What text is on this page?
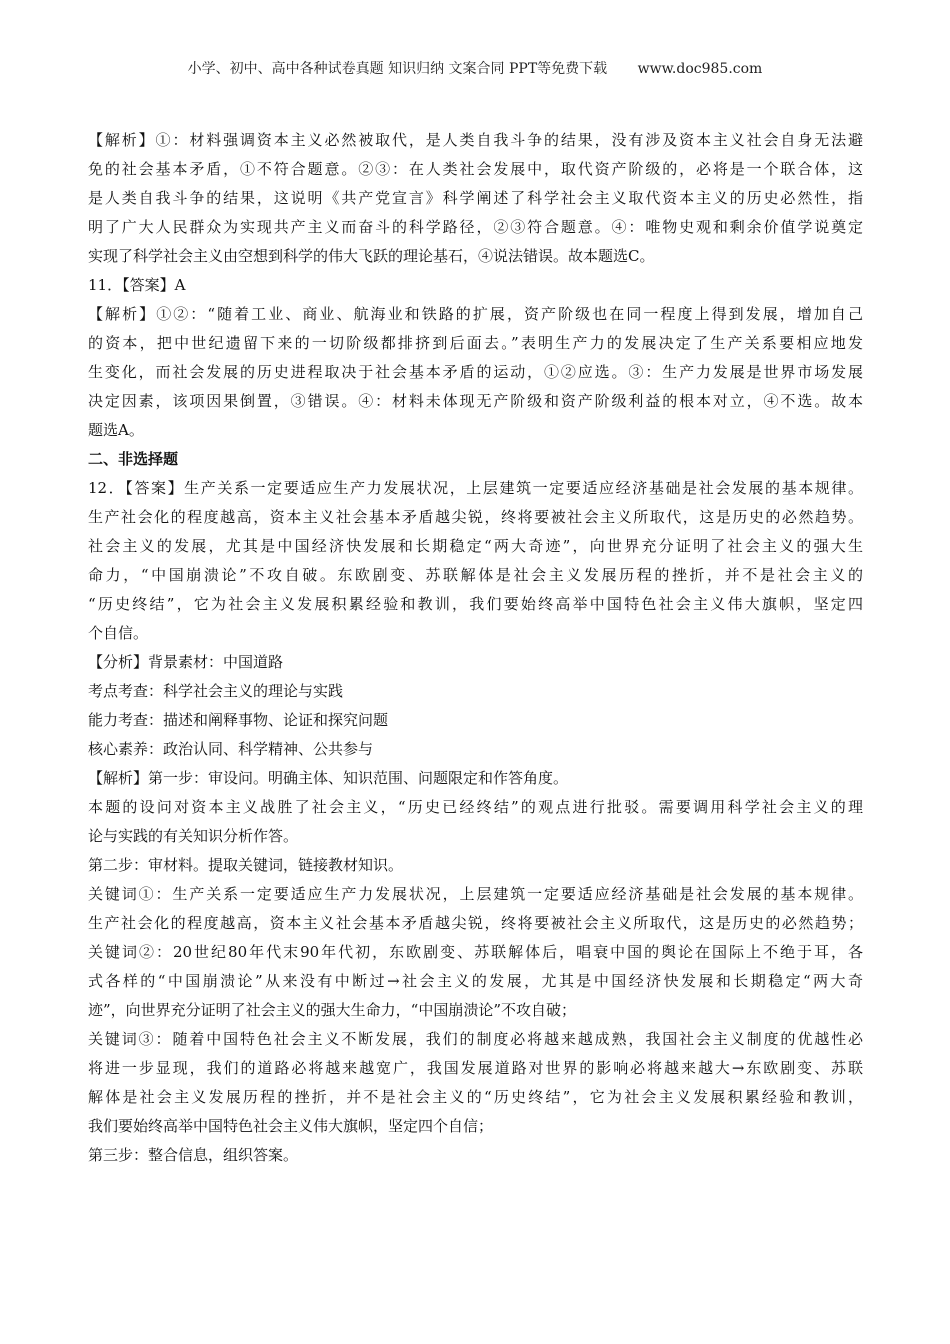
小学、初中、高中各种试卷真题 知识归纳 文案合同 PPT等免费下载 www.doc985.com
【解析】①：材料强调资本主义必然被取代，是人类自我斗争的结果，没有涉及资本主义社会自身无法避
免的社会基本矛盾，①不符合题意。②③：在人类社会发展中，取代资产阶级的，必将是一个联合体，这
是人类自我斗争的结果，这说明《共产党宣言》科学阐述了科学社会主义取代资本主义的历史必然性，指
明了广大人民群众为实现共产主义而奋斗的科学路径，②③符合题意。④：唯物史观和剩余价值学说奠定
实现了科学社会主义由空想到科学的伟大飞跃的理论基石，④说法错误。故本题选C。
11．【答案】A
【解析】①②：“随着工业、商业、航海业和铁路的扩展，资产阶级也在同一程度上得到发展，增加自己
的资本，把中世纪遗留下来的一切阶级都排挤到后面去。”表明生产力的发展决定了生产关系要相应地发
生变化，而社会发展的历史进程取决于社会基本矛盾的运动，①②应选。③：生产力发展是世界市场发展
决定因素，该项因果倒置，③错误。④：材料未体现无产阶级和资产阶级利益的根本对立，④不选。故本
题选A。
二、非选择题
12．【答案】生产关系一定要适应生产力发展状况，上层建筑一定要适应经济基础是社会发展的基本规律。
生产社会化的程度越高，资本主义社会基本矛盾越尖锐，终将要被社会主义所取代，这是历史的必然趋势。
社会主义的发展，尤其是中国经济快发展和长期稳定“两大奇迹”，向世界充分证明了社会主义的强大生
命力，“中国崩溃论”不攻自破。东欧剧变、苏联解体是社会主义发展历程的挫折，并不是社会主义的
“历史终结”，它为社会主义发展积累经验和教训，我们要始终高举中国特色社会主义伟大旗帜，坚定四
个自信。
【分析】背景素材：中国道路
考点考查：科学社会主义的理论与实践
能力考查：描述和阐释事物、论证和探究问题
核心素养：政治认同、科学精神、公共参与
【解析】第一步：审设问。明确主体、知识范围、问题限定和作答角度。
本题的设问对资本主义战胜了社会主义，“历史已经终结”的观点进行批驳。需要调用科学社会主义的理
论与实践的有关知识分析作答。
第二步：审材料。提取关键词，链接教材知识。
关键词①：生产关系一定要适应生产力发展状况，上层建筑一定要适应经济基础是社会发展的基本规律。
生产社会化的程度越高，资本主义社会基本矛盾越尖锐，终将要被社会主义所取代，这是历史的必然趋势；
关键词②：20世纪80年代末90年代初，东欧剧变、苏联解体后，唱衰中国的舆论在国际上不绝于耳，各
式各样的“中国崩溃论”从来没有中断过→社会主义的发展，尤其是中国经济快发展和长期稳定“两大奇
迹”，向世界充分证明了社会主义的强大生命力，“中国崩溃论”不攻自破；
关键词③：随着中国特色社会主义不断发展，我们的制度必将越来越成熟，我国社会主义制度的优越性必
将进一步显现，我们的道路必将越来越宽广，我国发展道路对世界的影响必将越来越大→东欧剧变、苏联
解体是社会主义发展历程的挫折，并不是社会主义的“历史终结”，它为社会主义发展积累经验和教训，
我们要始终高举中国特色社会主义伟大旗帜，坚定四个自信；
第三步：整合信息，组织答案。
